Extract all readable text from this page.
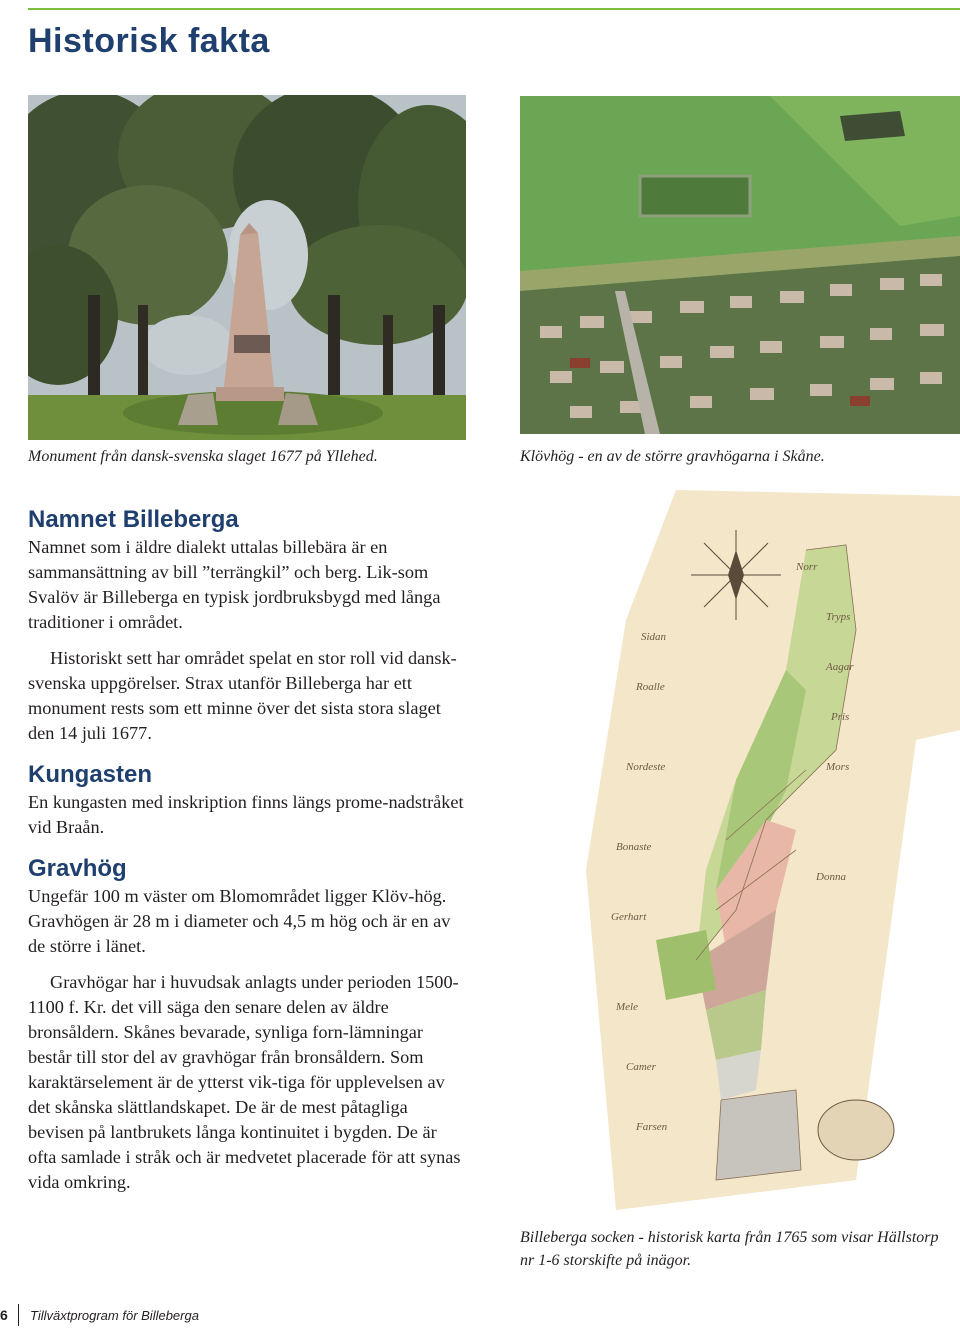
Historisk fakta

Monument från dansk-svenska slaget 1677 på Yllehed.	Klövhög - en av de större gravhögarna i Skåne.

Norr
Tryps
Aagar
Pris
Mors
Donna
Sidan
Roalle
Nordeste
Bonaste
Gerhart
Mele
Camer
Farsen

Billeberga socken - historisk karta från 1765 som visar Hällstorp nr 1-6 storskifte på inägor.

Namnet Billeberga

Namnet som i äldre dialekt uttalas billebära är en sammansättning av bill ”terrängkil” och berg. Lik-som Svalöv är Billeberga en typisk jordbruksbygd med långa traditioner i området.

Historiskt sett har området spelat en stor roll vid dansk-svenska uppgörelser. Strax utanför Billeberga har ett monument rests som ett minne över det sista stora slaget den 14 juli 1677.

Kungasten

En kungasten med inskription finns längs prome-nadstråket vid Braån.

Gravhög

Ungefär 100 m väster om Blomområdet ligger Klöv-hög. Gravhögen är 28 m i diameter och 4,5 m hög och är en av de större i länet.

Gravhögar har i huvudsak anlagts under perioden 1500-1100 f. Kr. det vill säga den senare delen av äldre bronsåldern. Skånes bevarade, synliga forn-lämningar består till stor del av gravhögar från bronsåldern. Som karaktärselement är de ytterst vik-tiga för upplevelsen av det skånska slättlandskapet. De är de mest påtagliga bevisen på lantbrukets långa kontinuitet i bygden. De är ofta samlade i stråk och är medvetet placerade för att synas vida omkring.

6 Tillväxtprogram för Billeberga
